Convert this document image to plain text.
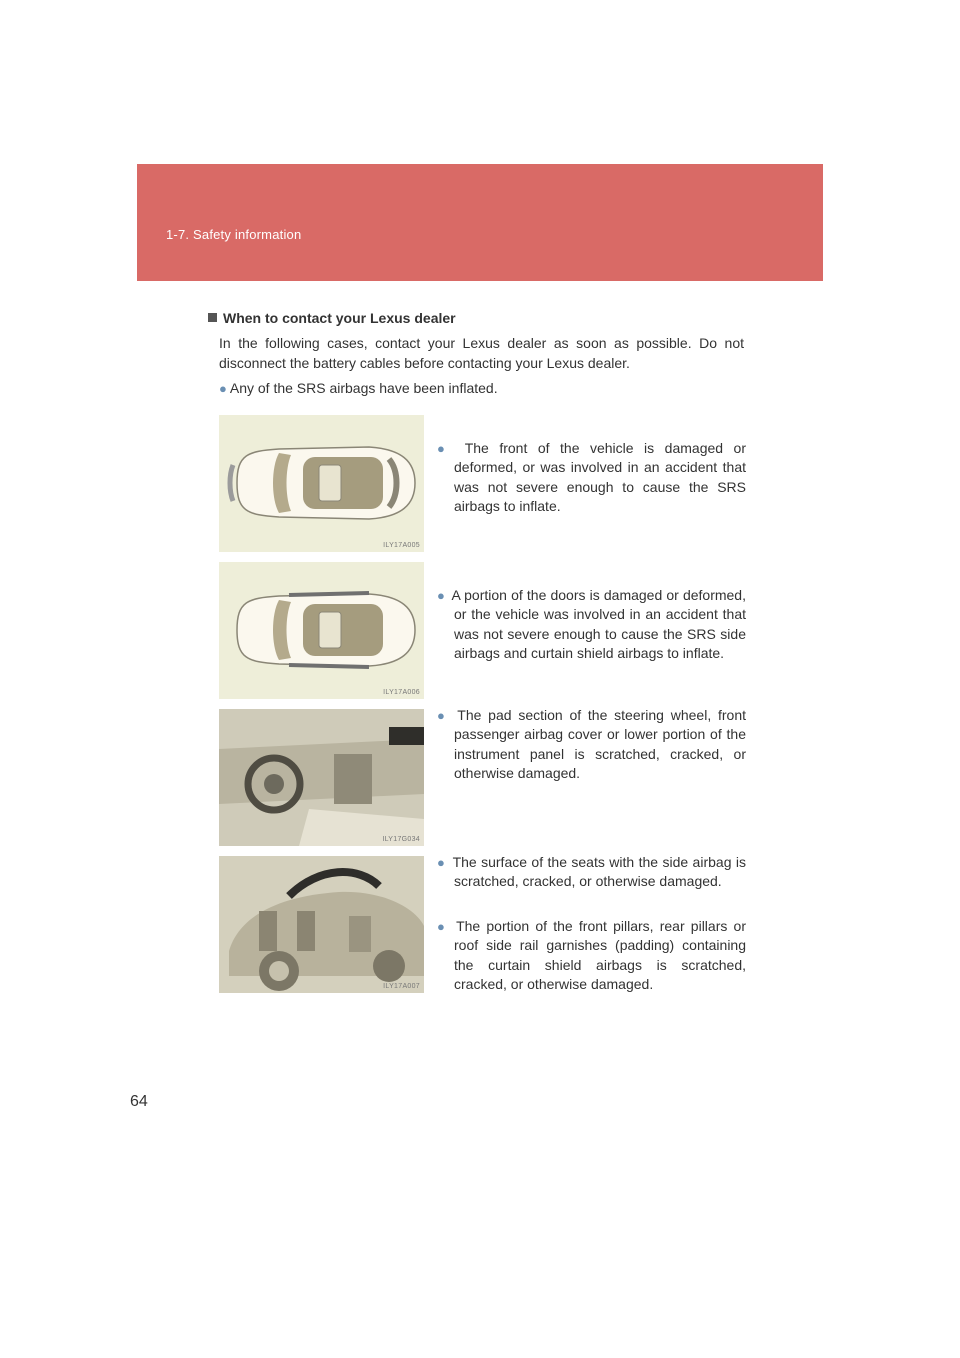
1-7. Safety information
When to contact your Lexus dealer
In the following cases, contact your Lexus dealer as soon as possible. Do not disconnect the battery cables before contacting your Lexus dealer.
● Any of the SRS airbags have been inflated.
ILY17A005
ILY17A006
ILY17G034
ILY17A007
● The front of the vehicle is damaged or deformed, or was involved in an accident that was not severe enough to cause the SRS airbags to inflate.
● A portion of the doors is damaged or deformed, or the vehicle was involved in an accident that was not severe enough to cause the SRS side airbags and curtain shield airbags to inflate.
● The pad section of the steering wheel, front passenger airbag cover or lower portion of the instrument panel is scratched, cracked, or otherwise damaged.
● The surface of the seats with the side airbag is scratched, cracked, or otherwise damaged.
● The portion of the front pillars, rear pillars or roof side rail garnishes (padding) containing the curtain shield airbags is scratched, cracked, or otherwise damaged.
64
